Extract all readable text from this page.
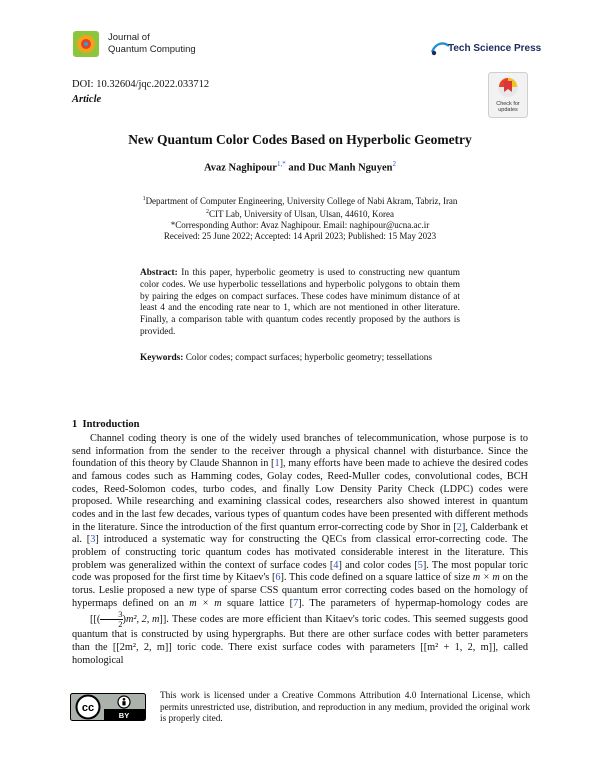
Journal of
Quantum Computing	Tech Science Press
DOI: 10.32604/jqc.2022.033712
Article	Check for
updates
New Quantum Color Codes Based on Hyperbolic Geometry
Avaz Naghipour$^{1,*}$ and Duc Manh Nguyen$^2$
$^1$Department of Computer Engineering, University College of Nabi Akram, Tabriz, Iran
$^2$CIT Lab, University of Ulsan, Ulsan, 44610, Korea
*Corresponding Author: Avaz Naghipour. Email: naghipour@ucna.ac.ir
Received: 25 June 2022; Accepted: 14 April 2023; Published: 15 May 2023
Abstract: In this paper, hyperbolic geometry is used to constructing new quantum color codes. We use hyperbolic tessellations and hyperbolic polygons to obtain them by pairing the edges on compact surfaces. These codes have minimum distance of at least 4 and the encoding rate near to 1, which are not mentioned in other literature. Finally, a comparison table with quantum codes recently proposed by the authors is provided.
Keywords: Color codes; compact surfaces; hyperbolic geometry; tessellations
1 Introduction

Channel coding theory is one of the widely used branches of telecommunication, whose purpose is to send information from the sender to the receiver through a physical channel with disturbance. Since the foundation of this theory by Claude Shannon in [1], many efforts have been made to achieve the desired codes and famous codes such as Hamming codes, Golay codes, Reed-Muller codes, convolutional codes, BCH codes, Reed-Solomon codes, turbo codes, and finally Low Density Parity Check (LDPC) codes were proposed. While researching and examining classical codes, researchers also showed interest in quantum codes and in the last few decades, various types of quantum codes have been presented with different methods in the literature. Since the introduction of the first quantum error-correcting code by Shor in [2], Calderbank et al. [3] introduced a systematic way for constructing the QECs from classical error-correcting code. The problem of constructing toric quantum codes has motivated considerable interest in the literature. This problem was generalized within the context of surface codes [4] and color codes [5]. The most popular toric code was proposed for the first time by Kitaev's [6]. This code defined on a square lattice of size m × m on the torus. Leslie proposed a new type of sparse CSS quantum error correcting codes based on the homology of hypermaps defined on an m × m square lattice [7]. The parameters of hypermap-homology codes are [[( $\frac{3}{2} )m^2$, 2, m]]. These codes are more efficient than Kitaev's toric codes. This seemed suggests good quantum that is constructed by using hypergraphs. But there are other surface codes with better parameters than the [[2m², 2, m]] toric code. There exist surface codes with parameters [[m² + 1, 2, m]], called homological

cc
BY
This work is licensed under a Creative Commons Attribution 4.0 International License, which permits unrestricted use, distribution, and reproduction in any medium, provided the original work is properly cited.
